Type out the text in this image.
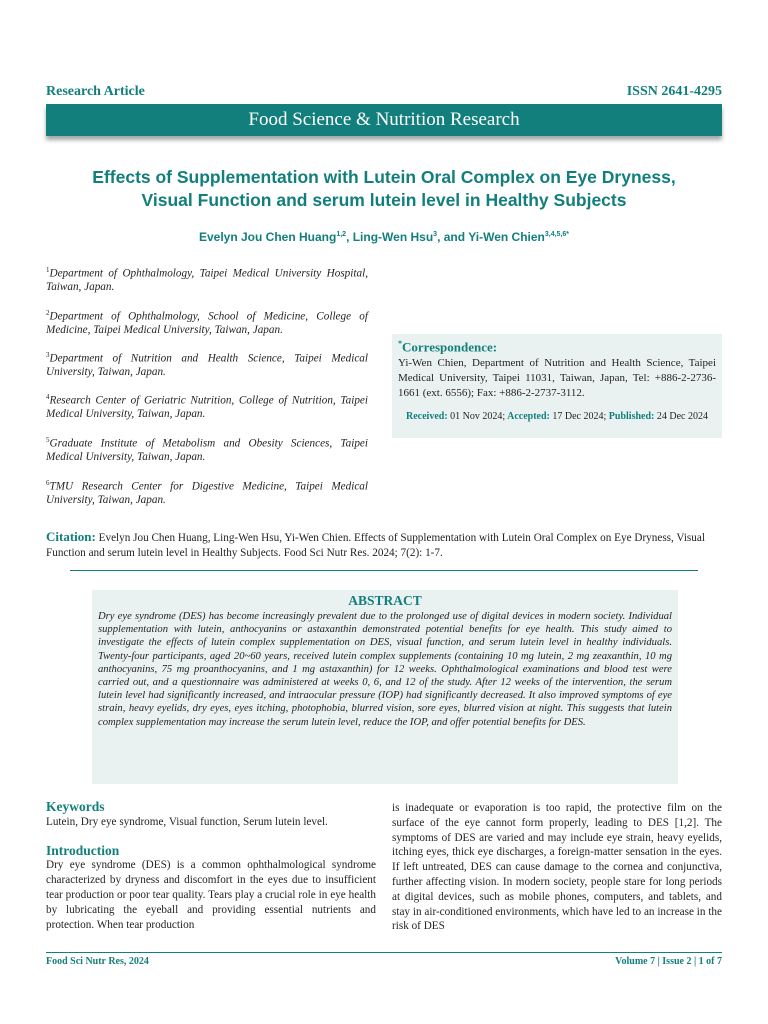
Research Article	ISSN 2641-4295
Food Science & Nutrition Research
Effects of Supplementation with Lutein Oral Complex on Eye Dryness,
Visual Function and serum lutein level in Healthy Subjects
Evelyn Jou Chen Huang$^{1,2}$, Ling-Wen Hsu$^3$, and Yi-Wen Chien$^{3,4,5,6*}$
$^1$Department of Ophthalmology, Taipei Medical University Hospital, Taiwan, Japan.
$^2$Department of Ophthalmology, School of Medicine, College of Medicine, Taipei Medical University, Taiwan, Japan.
$^3$Department of Nutrition and Health Science, Taipei Medical University, Taiwan, Japan.
$^4$Research Center of Geriatric Nutrition, College of Nutrition, Taipei Medical University, Taiwan, Japan.
$^5$Graduate Institute of Metabolism and Obesity Sciences, Taipei Medical University, Taiwan, Japan.
$^6$TMU Research Center for Digestive Medicine, Taipei Medical University, Taiwan, Japan.
*Correspondence:
Yi-Wen Chien, Department of Nutrition and Health Science, Taipei Medical University, Taipei 11031, Taiwan, Japan, Tel: +886-2-2736-1661 (ext. 6556); Fax: +886-2-2737-3112.
Received: 01 Nov 2024; Accepted: 17 Dec 2024; Published: 24 Dec 2024
Citation: Evelyn Jou Chen Huang, Ling-Wen Hsu, Yi-Wen Chien. Effects of Supplementation with Lutein Oral Complex on Eye Dryness, Visual Function and serum lutein level in Healthy Subjects. Food Sci Nutr Res. 2024; 7(2): 1-7.
ABSTRACT
Dry eye syndrome (DES) has become increasingly prevalent due to the prolonged use of digital devices in modern society. Individual supplementation with lutein, anthocyanins or astaxanthin demonstrated potential benefits for eye health. This study aimed to investigate the effects of lutein complex supplementation on DES, visual function, and serum lutein level in healthy individuals. Twenty-four participants, aged 20~60 years, received lutein complex supplements (containing 10 mg lutein, 2 mg zeaxanthin, 10 mg anthocyanins, 75 mg proanthocyanins, and 1 mg astaxanthin) for 12 weeks. Ophthalmological examinations and blood test were carried out, and a questionnaire was administered at weeks 0, 6, and 12 of the study. After 12 weeks of the intervention, the serum lutein level had significantly increased, and intraocular pressure (IOP) had significantly decreased. It also improved symptoms of eye strain, heavy eyelids, dry eyes, eyes itching, photophobia, blurred vision, sore eyes, blurred vision at night. This suggests that lutein complex supplementation may increase the serum lutein level, reduce the IOP, and offer potential benefits for DES.
Keywords
Lutein, Dry eye syndrome, Visual function, Serum lutein level.
Introduction
Dry eye syndrome (DES) is a common ophthalmological syndrome characterized by dryness and discomfort in the eyes due to insufficient tear production or poor tear quality. Tears play a crucial role in eye health by lubricating the eyeball and providing essential nutrients and protection. When tear production
is inadequate or evaporation is too rapid, the protective film on the surface of the eye cannot form properly, leading to DES [1,2]. The symptoms of DES are varied and may include eye strain, heavy eyelids, itching eyes, thick eye discharges, a foreign-matter sensation in the eyes. If left untreated, DES can cause damage to the cornea and conjunctiva, further affecting vision. In modern society, people stare for long periods at digital devices, such as mobile phones, computers, and tablets, and stay in air-conditioned environments, which have led to an increase in the risk of DES
Food Sci Nutr Res, 2024	Volume 7 | Issue 2 | 1 of 7
